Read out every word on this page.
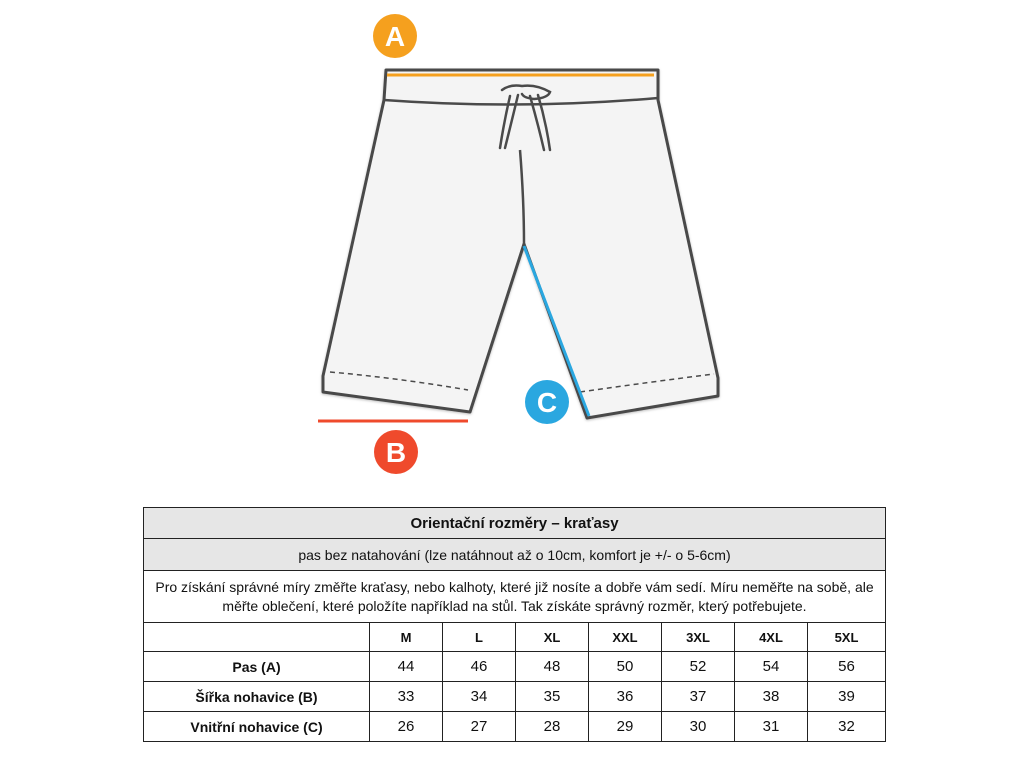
A
B
C
Orientační rozměry – kraťasy							
pas bez natahování (lze natáhnout až o 10cm, komfort je +/- o 5-6cm)							
Pro získání správné míry změřte kraťasy, nebo kalhoty, které již nosíte a dobře vám sedí. Míru neměřte na sobě, ale měřte oblečení, které položíte například na stůl. Tak získáte správný rozměr, který potřebujete.							
	M	L	XL	XXL	3XL	4XL	5XL
Pas (A)	44	46	48	50	52	54	56
Šířka nohavice (B)	33	34	35	36	37	38	39
Vnitřní nohavice (C)	26	27	28	29	30	31	32
